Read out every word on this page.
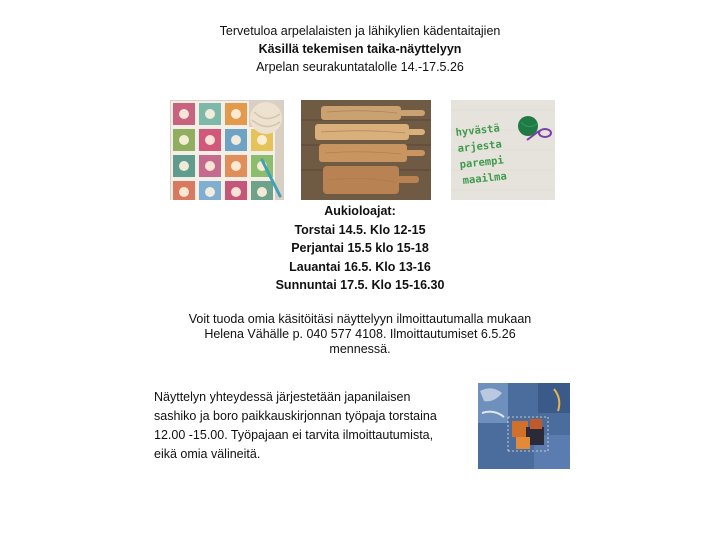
Tervetuloa arpelalaisten ja lähikylien kädentaitajien
Käsillä tekemisen taika-näyttelyyn
Arpelan seurakuntatalolle 14.-17.5.26
hyvästä
arjesta
parempi
maailma
Aukioloajat:
Torstai 14.5. Klo 12-15
Perjantai 15.5 klo 15-18
Lauantai 16.5. Klo 13-16
Sunnuntai 17.5. Klo 15-16.30
Voit tuoda omia käsitöitäsi näyttelyyn ilmoittautumalla mukaan
Helena Vähälle p. 040 577 4108. Ilmoittautumiset 6.5.26
mennessä.
Näyttelyn yhteydessä järjestetään japanilaisen
sashiko ja boro paikkauskirjonnan työpaja torstaina
12.00 -15.00. Työpajaan ei tarvita ilmoittautumista,
eikä omia välineitä.
